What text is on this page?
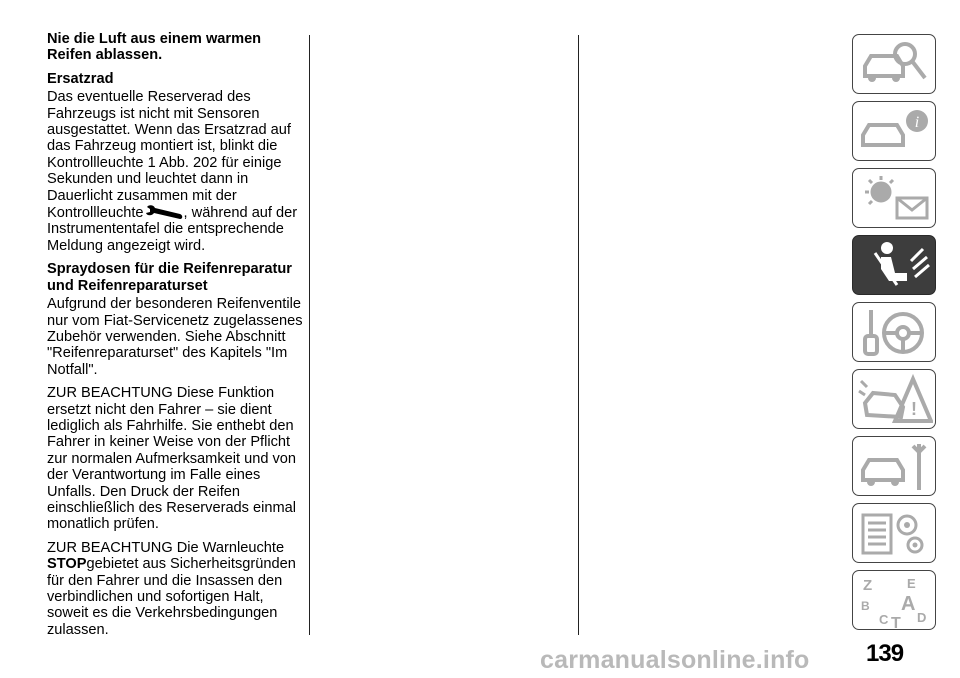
Nie die Luft aus einem warmen Reifen ablassen.

Ersatzrad

Das eventuelle Reserverad des Fahrzeugs ist nicht mit Sensoren ausgestattet. Wenn das Ersatzrad auf das Fahrzeug montiert ist, blinkt die Kontrollleuchte 1 Abb. 202 für einige Sekunden und leuchtet dann in Dauerlicht zusammen mit der Kontrollleuchte	, während auf der Instrumententafel die entsprechende Meldung angezeigt wird.

Spraydosen für die Reifenreparatur und Reifenreparaturset

Aufgrund der besonderen Reifenventile nur vom Fiat-Servicenetz zugelassenes Zubehör verwenden. Siehe Abschnitt "Reifenreparaturset" des Kapitels "Im Notfall".

ZUR BEACHTUNG Diese Funktion ersetzt nicht den Fahrer – sie dient lediglich als Fahrhilfe. Sie enthebt den Fahrer in keiner Weise von der Pflicht zur normalen Aufmerksamkeit und von der Verantwortung im Falle eines Unfalls. Den Druck der Reifen einschließlich des Reserverads einmal monatlich prüfen.

ZUR BEACHTUNG Die Warnleuchte STOPgebietet aus Sicherheitsgründen für den Fahrer und die Insassen den verbindlichen und sofortigen Halt, soweit es die Verkehrsbedingungen zulassen.

i
!
Z	E
B A
C T D
139
carmanualsonline.info
